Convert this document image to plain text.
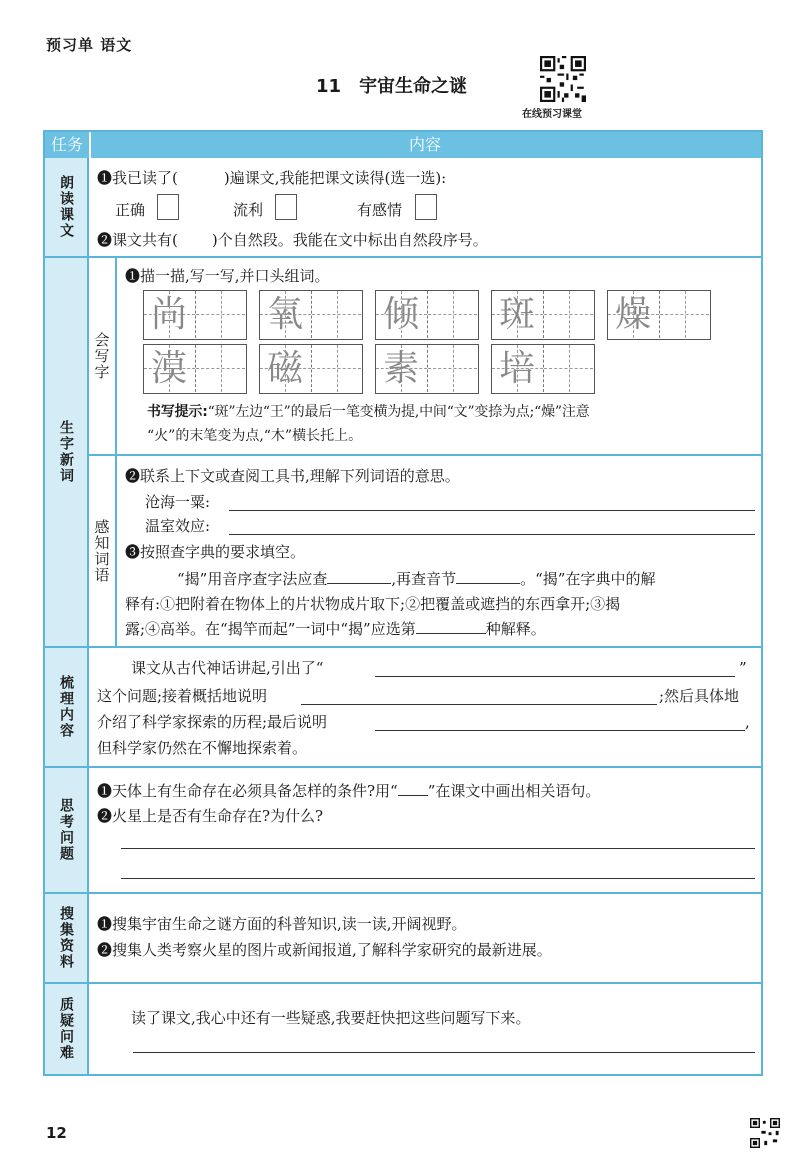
预习单 语文
11 宇宙生命之谜
在线预习课堂
任务	内容
朗读课文 ❶我已读了(	)遍课文,我能把课文读得(选一选):
正确	流利	有感情
❷课文共有( )个自然段。我能在文中标出自然段序号。
生字新词
会写字
❶描一描,写一写,并口头组词。
尚 氧 倾 斑 燥
漠 磁 素 培
书写提示:“斑”左边“王”的最后一笔变横为提,中间“文”变捺为点;“燥”注意
“火”的末笔变为点,“木”横长托上。
感知词语
❷联系上下文或查阅工具书,理解下列词语的意思。
沧海一粟:
温室效应:
❸按照查字典的要求填空。
“揭”用音序查字法应查	,再查音节	。“揭”在字典中的解
释有:①把附着在物体上的片状物成片取下;②把覆盖或遮挡的东西拿开;③揭
露;④高举。在“揭竿而起”一词中“揭”应选第	种解释。
梳理内容
课文从古代神话讲起,引出了“	”
这个问题;接着概括地说明	;然后具体地
介绍了科学家探索的历程;最后说明	,
但科学家仍然在不懈地探索着。
思考问题
❶天体上有生命存在必须具备怎样的条件?用“ ”在课文中画出相关语句。
❷火星上是否有生命存在?为什么?
搜集资料 ❶搜集宇宙生命之谜方面的科普知识,读一读,开阔视野。
❷搜集人类考察火星的图片或新闻报道,了解科学家研究的最新进展。
质疑问难	读了课文,我心中还有一些疑惑,我要赶快把这些问题写下来。
12
